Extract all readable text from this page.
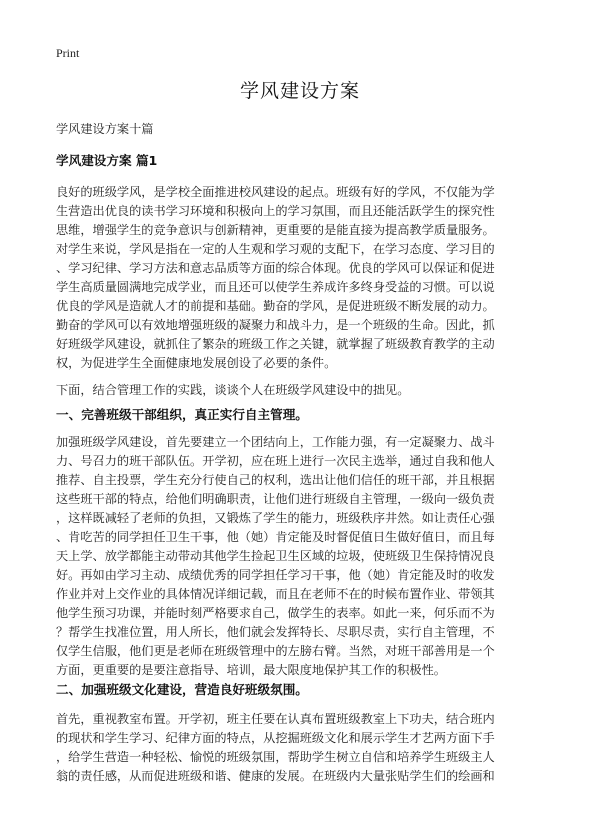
Print
学风建设方案
学风建设方案十篇
学风建设方案 篇1
良好的班级学风，是学校全面推进校风建设的起点。班级有好的学风，不仅能为学
生营造出优良的读书学习环境和积极向上的学习氛围，而且还能活跃学生的探究性
思维，增强学生的竞争意识与创新精神，更重要的是能直接为提高教学质量服务。
对学生来说，学风是指在一定的人生观和学习观的支配下，在学习态度、学习目的
、学习纪律、学习方法和意志品质等方面的综合体现。优良的学风可以保证和促进
学生高质量圆满地完成学业，而且还可以使学生养成许多终身受益的习惯。可以说
优良的学风是造就人才的前提和基础。勤奋的学风，是促进班级不断发展的动力。
勤奋的学风可以有效地增强班级的凝聚力和战斗力，是一个班级的生命。因此，抓
好班级学风建设，就抓住了繁杂的班级工作之关键，就掌握了班级教育教学的主动
权，为促进学生全面健康地发展创设了必要的条件。
下面，结合管理工作的实践，谈谈个人在班级学风建设中的拙见。
一、完善班级干部组织，真正实行自主管理。
加强班级学风建设，首先要建立一个团结向上，工作能力强，有一定凝聚力、战斗
力、号召力的班干部队伍。开学初，应在班上进行一次民主选举，通过自我和他人
推荐、自主投票，学生充分行使自己的权利，选出让他们信任的班干部，并且根据
这些班干部的特点，给他们明确职责，让他们进行班级自主管理，一级向一级负责
，这样既减轻了老师的负担，又锻炼了学生的能力，班级秩序井然。如让责任心强
、肯吃苦的同学担任卫生干事，他（她）肯定能及时督促值日生做好值日，而且每
天上学、放学都能主动带动其他学生捡起卫生区域的垃圾，使班级卫生保持情况良
好。再如由学习主动、成绩优秀的同学担任学习干事，他（她）肯定能及时的收发
作业并对上交作业的具体情况详细记载，而且在老师不在的时候布置作业、带领其
他学生预习功课，并能时刻严格要求自己，做学生的表率。如此一来，何乐而不为
？帮学生找准位置，用人所长，他们就会发挥特长、尽职尽责，实行自主管理，不
仅学生信服，他们更是老师在班级管理中的左膀右臂。当然，对班干部善用是一个
方面，更重要的是要注意指导、培训，最大限度地保护其工作的积极性。
二、加强班级文化建设，营造良好班级氛围。
首先，重视教室布置。开学初，班主任要在认真布置班级教室上下功夫，结合班内
的现状和学生学习、纪律方面的特点，从挖掘班级文化和展示学生才艺两方面下手
，给学生营造一种轻松、愉悦的班级氛围，帮助学生树立自信和培养学生班级主人
翁的责任感，从而促进班级和谐、健康的发展。在班级内大量张贴学生们的绘画和
